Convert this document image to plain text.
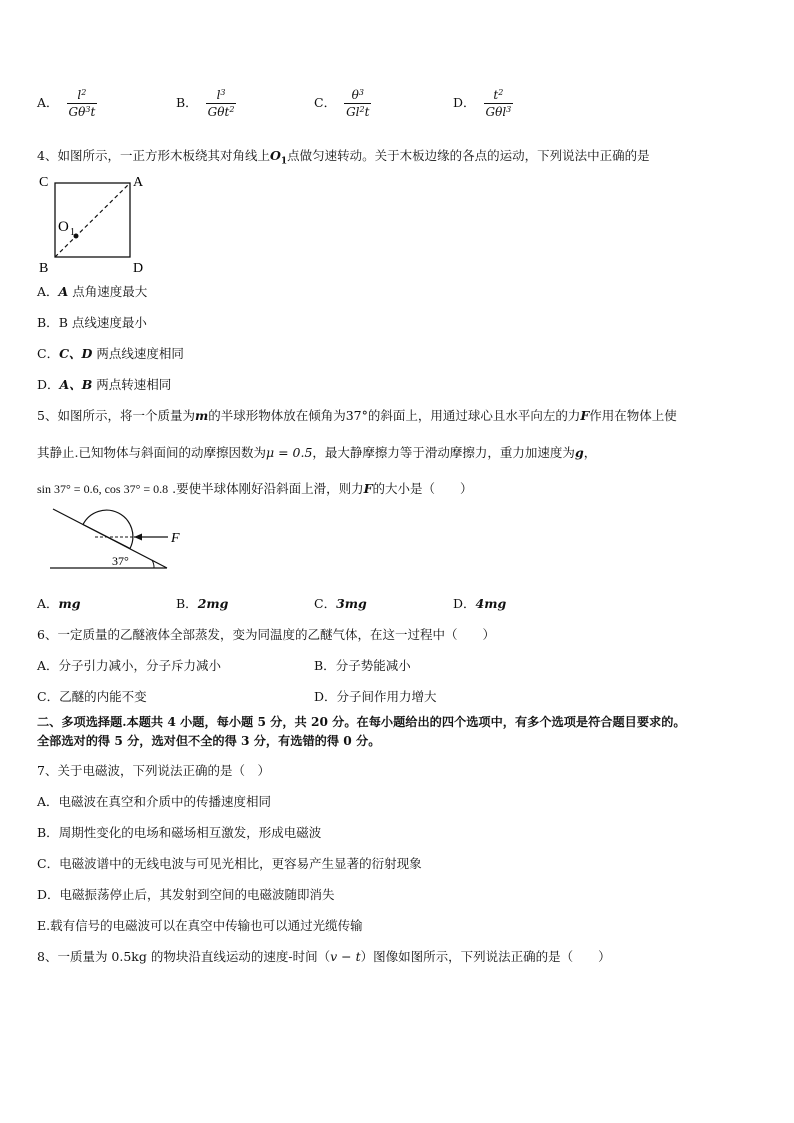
A． $\frac{l^2}{G\theta^3t}$	B． $\frac{l^3}{G\theta t^2}$	C． $\frac{\theta^3}{Gl^2t}$	D． $\frac{t^2}{G\theta l^3}$
4、如图所示，一正方形木板绕其对角线上$O_1$点做匀速转动。关于木板边缘的各点的运动，下列说法中正确的是
C	A
B	D
O 1
A．A 点角速度最大
B．B 点线速度最小
C．C、D 两点线速度相同
D．A、B 两点转速相同
5、如图所示，将一个质量为m的半球形物体放在倾角为37°的斜面上，用通过球心且水平向左的力F作用在物体上使
其静止.已知物体与斜面间的动摩擦因数为μ = 0.5，最大静摩擦力等于滑动摩擦力，重力加速度为g，
sin 37° = 0.6, cos 37° = 0.8 .要使半球体刚好沿斜面上滑，则力F的大小是（　　）
F
37°
A．mg	B．2mg	C．3mg	D．4mg
6、一定质量的乙醚液体全部蒸发，变为同温度的乙醚气体，在这一过程中（　　）
A．分子引力减小，分子斥力减小	B．分子势能减小
C．乙醚的内能不变	D．分子间作用力增大
二、多项选择题.本题共 4 小题，每小题 5 分，共 20 分。在每小题给出的四个选项中，有多个选项是符合题目要求的。
全部选对的得 5 分，选对但不全的得 3 分，有选错的得 0 分。
7、关于电磁波，下列说法正确的是（　）
A．电磁波在真空和介质中的传播速度相同
B．周期性变化的电场和磁场相互激发，形成电磁波
C．电磁波谱中的无线电波与可见光相比，更容易产生显著的衍射现象
D．电磁振荡停止后，其发射到空间的电磁波随即消失
E.载有信号的电磁波可以在真空中传输也可以通过光缆传输
8、一质量为 0.5kg 的物块沿直线运动的速度-时间（v − t）图像如图所示，下列说法正确的是（　　）
